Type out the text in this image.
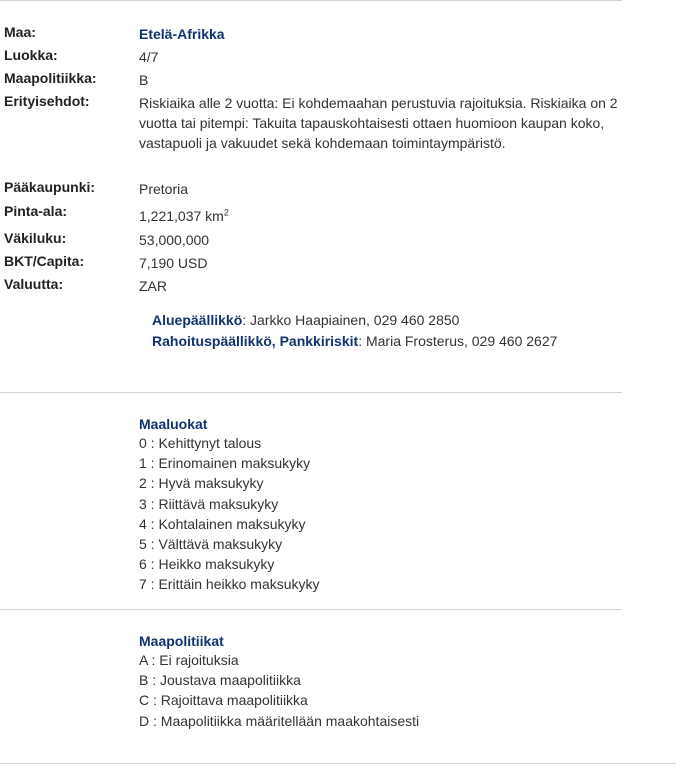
Maa:	Etelä-Afrikka
Luokka:	4/7
Maapolitiikka:	B
Erityisehdot:	Riskiaika alle 2 vuotta: Ei kohdemaahan perustuvia rajoituksia. Riskiaika on 2 vuotta tai pitempi: Takuita tapauskohtaisesti ottaen huomioon kaupan koko, vastapuoli ja vakuudet sekä kohdemaan toimintaympäristö.
Pääkaupunki:	Pretoria
Pinta-ala:	1,221,037 $km^2$
Väkiluku:	53,000,000
BKT/Capita:	7,190 USD
Valuutta:	ZAR
Aluepäällikkö: Jarkko Haapiainen, 029 460 2850
Rahoituspäällikkö, Pankkiriskit: Maria Frosterus, 029 460 2627
Maaluokat
0 : Kehittynyt talous
1 : Erinomainen maksukyky
2 : Hyvä maksukyky
3 : Riittävä maksukyky
4 : Kohtalainen maksukyky
5 : Välttävä maksukyky
6 : Heikko maksukyky
7 : Erittäin heikko maksukyky
Maapolitiikat
A : Ei rajoituksia
B : Joustava maapolitiikka
C : Rajoittava maapolitiikka
D : Maapolitiikka määritellään maakohtaisesti
